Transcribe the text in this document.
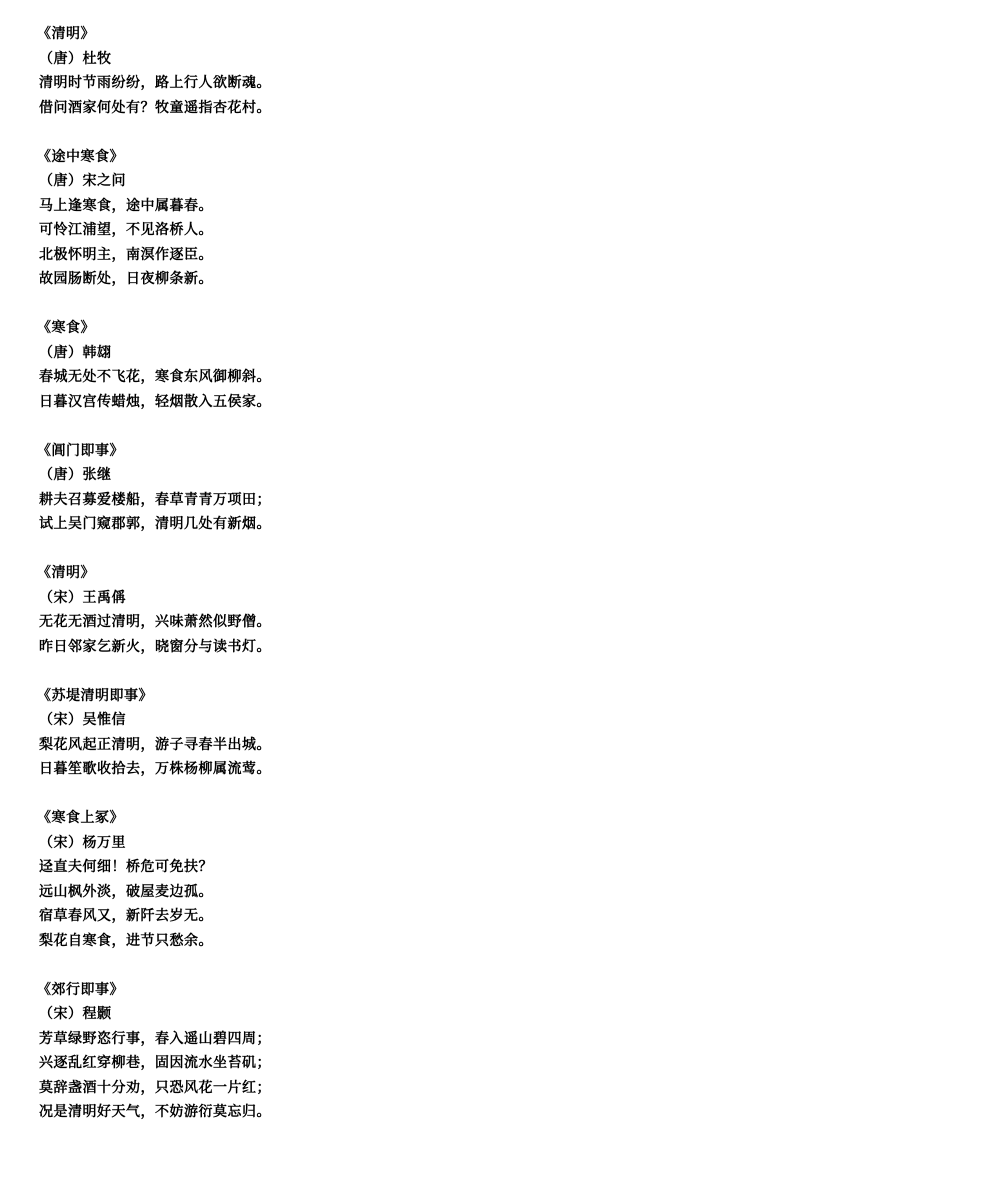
《清明》
（唐）杜牧
清明时节雨纷纷，路上行人欲断魂。
借问酒家何处有？牧童遥指杏花村。
《途中寒食》
（唐）宋之问
马上逢寒食，途中属暮春。
可怜江浦望，不见洛桥人。
北极怀明主，南溟作逐臣。
故园肠断处，日夜柳条新。
《寒食》
（唐）韩翃
春城无处不飞花，寒食东风御柳斜。
日暮汉宫传蜡烛，轻烟散入五侯家。
《阊门即事》
（唐）张继
耕夫召募爱楼船，春草青青万项田；
试上吴门窥郡郭，清明几处有新烟。
《清明》
（宋）王禹偁
无花无酒过清明，兴味萧然似野僧。
昨日邻家乞新火，晓窗分与读书灯。
《苏堤清明即事》
（宋）吴惟信
梨花风起正清明，游子寻春半出城。
日暮笙歌收拾去，万株杨柳属流莺。
《寒食上冢》
（宋）杨万里
迳直夫何细！桥危可免扶？
远山枫外淡，破屋麦边孤。
宿草春风又，新阡去岁无。
梨花自寒食，进节只愁余。
《郊行即事》
（宋）程颢
芳草绿野恣行事，春入遥山碧四周；
兴逐乱红穿柳巷，固因流水坐苔矶；
莫辞盏酒十分劝，只恐风花一片红；
况是清明好天气，不妨游衍莫忘归。
